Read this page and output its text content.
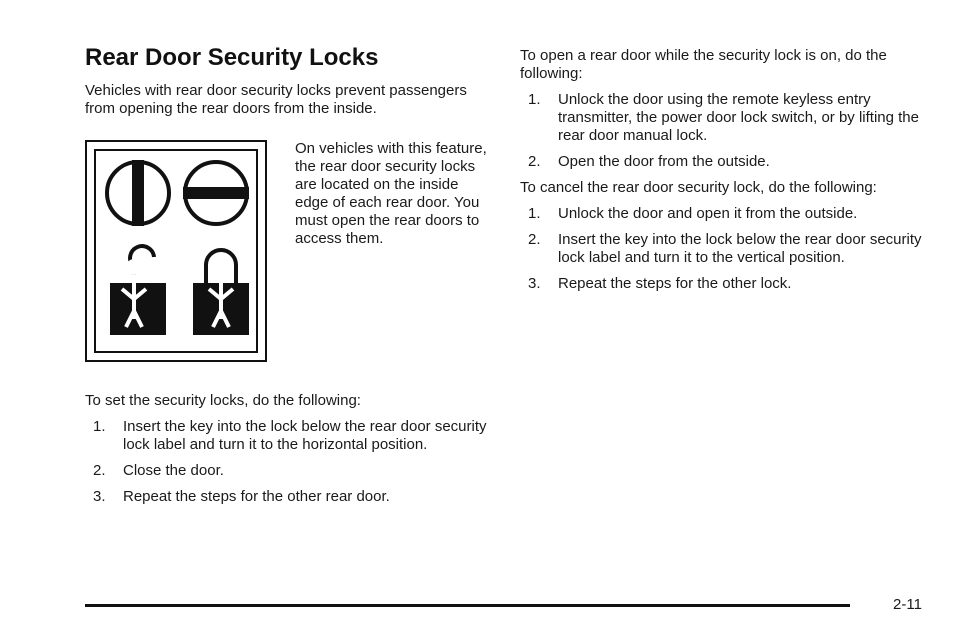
Rear Door Security Locks

Vehicles with rear door security locks prevent passengers from opening the rear doors from the inside.

On vehicles with this feature, the rear door security locks are located on the inside edge of each rear door. You must open the rear doors to access them.

To set the security locks, do the following:

1. Insert the key into the lock below the rear door security lock label and turn it to the horizontal position.
2. Close the door.
3. Repeat the steps for the other rear door.

To open a rear door while the security lock is on, do the following:

1. Unlock the door using the remote keyless entry transmitter, the power door lock switch, or by lifting the rear door manual lock.
2. Open the door from the outside.

To cancel the rear door security lock, do the following:

1. Unlock the door and open it from the outside.
2. Insert the key into the lock below the rear door security lock label and turn it to the vertical position.
3. Repeat the steps for the other lock.
2-11
